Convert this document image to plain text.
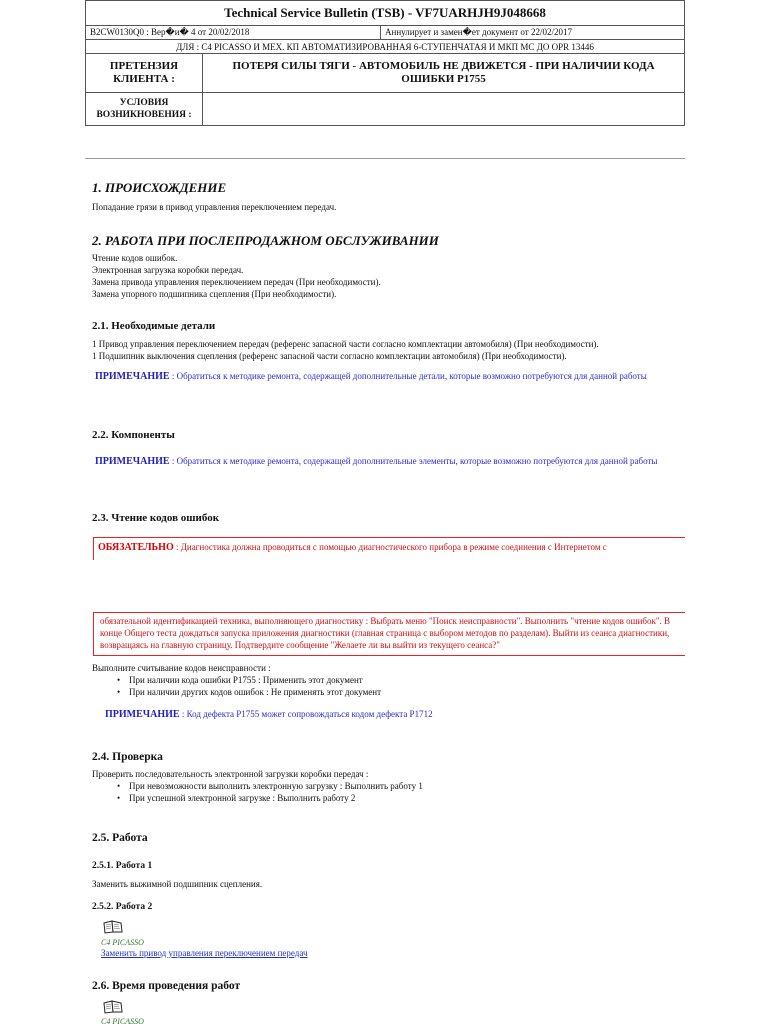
Technical Service Bulletin (TSB) - VF7UARHJH9J048668		
B2CW0130Q0 : Вер�и� 4 от 20/02/2018		Аннулирует и замен�ет документ от 22/02/2017
ДЛЯ : C4 PICASSO И MEX. КП АВТОМАТИЗИРОВАННАЯ 6-СТУПЕНЧАТАЯ И МКП MC ДО OPR 13446		
ПРЕТЕНЗИЯ КЛИЕНТА :	ПОТЕРЯ СИЛЫ ТЯГИ - АВТОМОБИЛЬ НЕ ДВИЖЕТСЯ - ПРИ НАЛИЧИИ КОДА ОШИБКИ P1755	
УСЛОВИЯ ВОЗНИКНОВЕНИЯ :		
1. ПРОИСХОЖДЕНИЕ
Попадание грязи в привод управления переключением передач.
2. РАБОТА ПРИ ПОСЛЕПРОДАЖНОМ ОБСЛУЖИВАНИИ
Чтение кодов ошибок.
Электронная загрузка коробки передач.
Замена привода управления переключением передач (При необходимости).
Замена упорного подшипника сцепления (При необходимости).
2.1. Необходимые детали
1 Привод управления переключением передач (референс запасной части согласно комплектации автомобиля) (При необходимости).
1 Подшипник выключения сцепления (референс запасной части согласно комплектации автомобиля) (При необходимости).
ПРИМЕЧАНИЕ : Обратиться к методике ремонта, содержащей дополнительные детали, которые возможно потребуются для данной работы
2.2. Компоненты
ПРИМЕЧАНИЕ : Обратиться к методике ремонта, содержащей дополнительные элементы, которые возможно потребуются для данной работы
2.3. Чтение кодов ошибок
ОБЯЗАТЕЛЬНО : Диагностика должна проводиться с помощью диагностического прибора в режиме соединения с Интернетом с
обязательной идентификацией техника, выполняющего диагностику : Выбрать меню "Поиск неисправности". Выполнить "чтение кодов ошибок". В конце Общего теста дождаться запуска приложения диагностики (главная страница с выбором методов по разделам). Выйти из сеанса диагностики, возвращаясь на главную страницу. Подтвердите сообщение "Желаете ли вы выйти из текущего сеанса?"
Выполните считывание кодов неисправности :
• При наличии кода ошибки P1755 : Применить этот документ
• При наличии других кодов ошибок : Не применять этот документ
ПРИМЕЧАНИЕ : Код дефекта P1755 может сопровождаться кодом дефекта P1712
2.4. Проверка
Проверить последовательность электронной загрузки коробки передач :
• При невозможности выполнить электронную загрузку : Выполнить работу 1
• При успешной электронной загрузке : Выполнить работу 2
2.5. Работа
2.5.1. Работа 1
Заменить выжимной подшипник сцепления.
2.5.2. Работа 2
C4 PICASSO
Заменить привод управления переключением передач
2.6. Время проведения работ
C4 PICASSO
